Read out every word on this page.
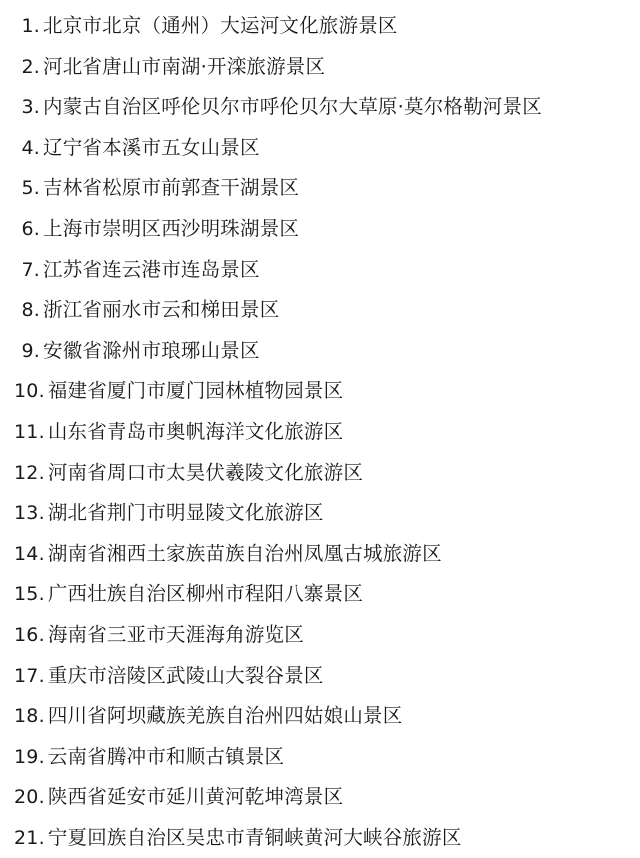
1. 北京市北京（通州）大运河文化旅游景区
2. 河北省唐山市南湖·开滦旅游景区
3. 内蒙古自治区呼伦贝尔市呼伦贝尔大草原·莫尔格勒河景区
4. 辽宁省本溪市五女山景区
5. 吉林省松原市前郭查干湖景区
6. 上海市崇明区西沙明珠湖景区
7. 江苏省连云港市连岛景区
8. 浙江省丽水市云和梯田景区
9. 安徽省滁州市琅琊山景区
10. 福建省厦门市厦门园林植物园景区
11. 山东省青岛市奥帆海洋文化旅游区
12. 河南省周口市太昊伏羲陵文化旅游区
13. 湖北省荆门市明显陵文化旅游区
14. 湖南省湘西土家族苗族自治州凤凰古城旅游区
15. 广西壮族自治区柳州市程阳八寨景区
16. 海南省三亚市天涯海角游览区
17. 重庆市涪陵区武陵山大裂谷景区
18. 四川省阿坝藏族羌族自治州四姑娘山景区
19. 云南省腾冲市和顺古镇景区
20. 陕西省延安市延川黄河乾坤湾景区
21. 宁夏回族自治区吴忠市青铜峡黄河大峡谷旅游区
